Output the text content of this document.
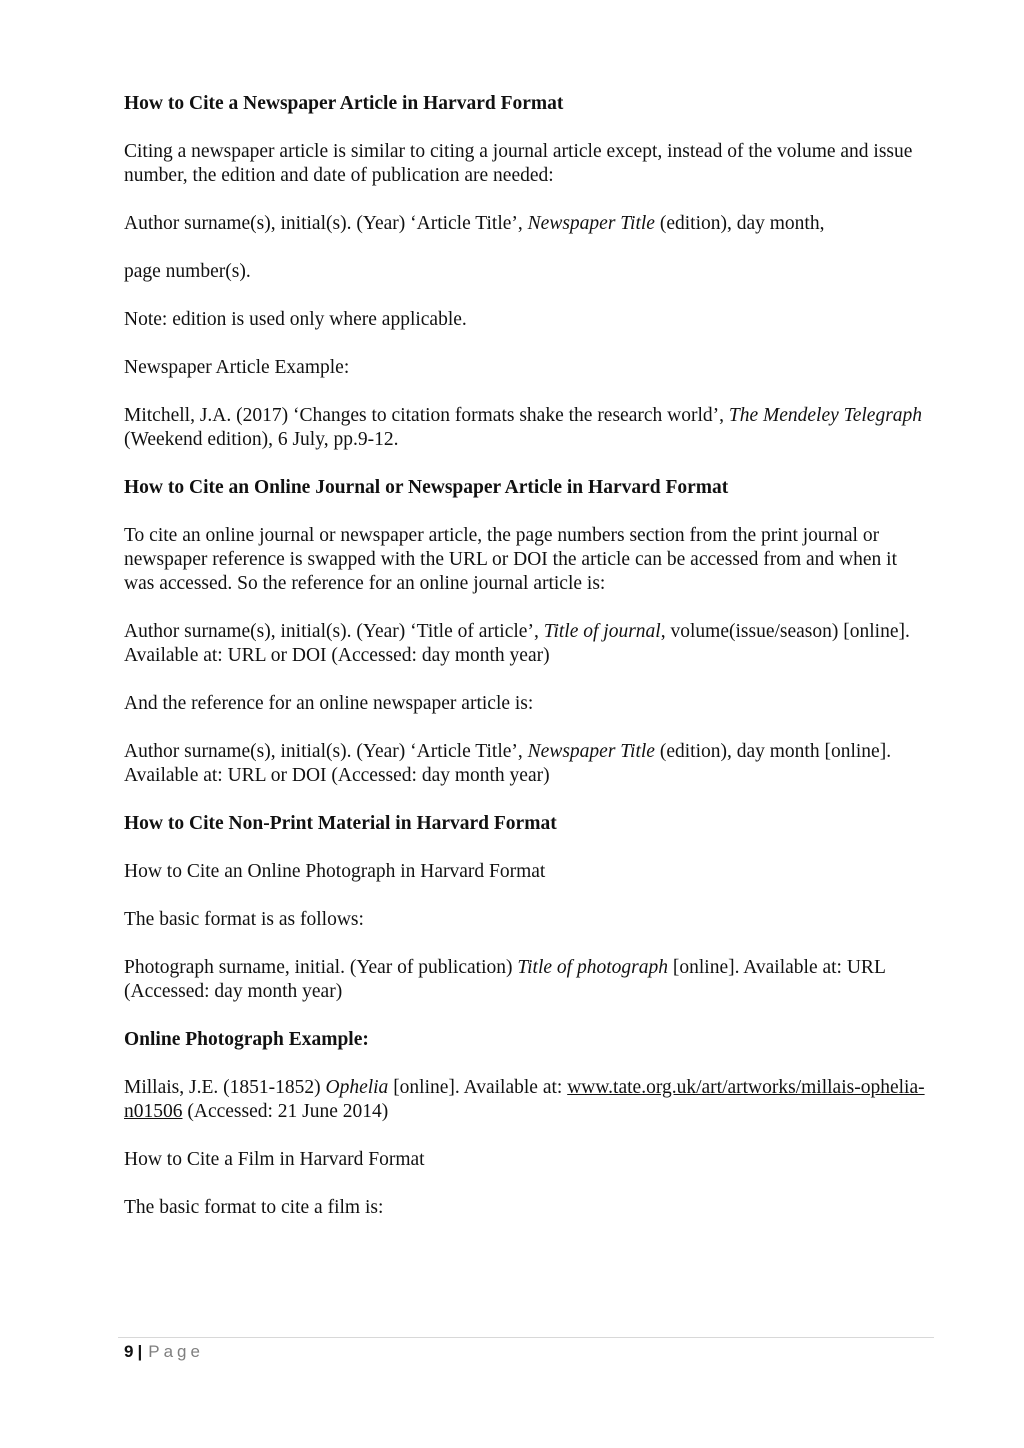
How to Cite a Newspaper Article in Harvard Format

Citing a newspaper article is similar to citing a journal article except, instead of the volume and issue number, the edition and date of publication are needed:

Author surname(s), initial(s). (Year) ‘Article Title’, Newspaper Title (edition), day month,

page number(s).

Note: edition is used only where applicable.

Newspaper Article Example:

Mitchell, J.A. (2017) ‘Changes to citation formats shake the research world’, The Mendeley Telegraph (Weekend edition), 6 July, pp.9-12.

How to Cite an Online Journal or Newspaper Article in Harvard Format

To cite an online journal or newspaper article, the page numbers section from the print journal or newspaper reference is swapped with the URL or DOI the article can be accessed from and when it was accessed. So the reference for an online journal article is:

Author surname(s), initial(s). (Year) ‘Title of article’, Title of journal, volume(issue/season) [online]. Available at: URL or DOI (Accessed: day month year)

And the reference for an online newspaper article is:

Author surname(s), initial(s). (Year) ‘Article Title’, Newspaper Title (edition), day month [online]. Available at: URL or DOI (Accessed: day month year)

How to Cite Non-Print Material in Harvard Format

How to Cite an Online Photograph in Harvard Format

The basic format is as follows:

Photograph surname, initial. (Year of publication) Title of photograph [online]. Available at: URL (Accessed: day month year)

Online Photograph Example:

Millais, J.E. (1851-1852) Ophelia [online]. Available at: www.tate.org.uk/art/artworks/millais-ophelia-n01506 (Accessed: 21 June 2014)

How to Cite a Film in Harvard Format

The basic format to cite a film is:

9 | Page
